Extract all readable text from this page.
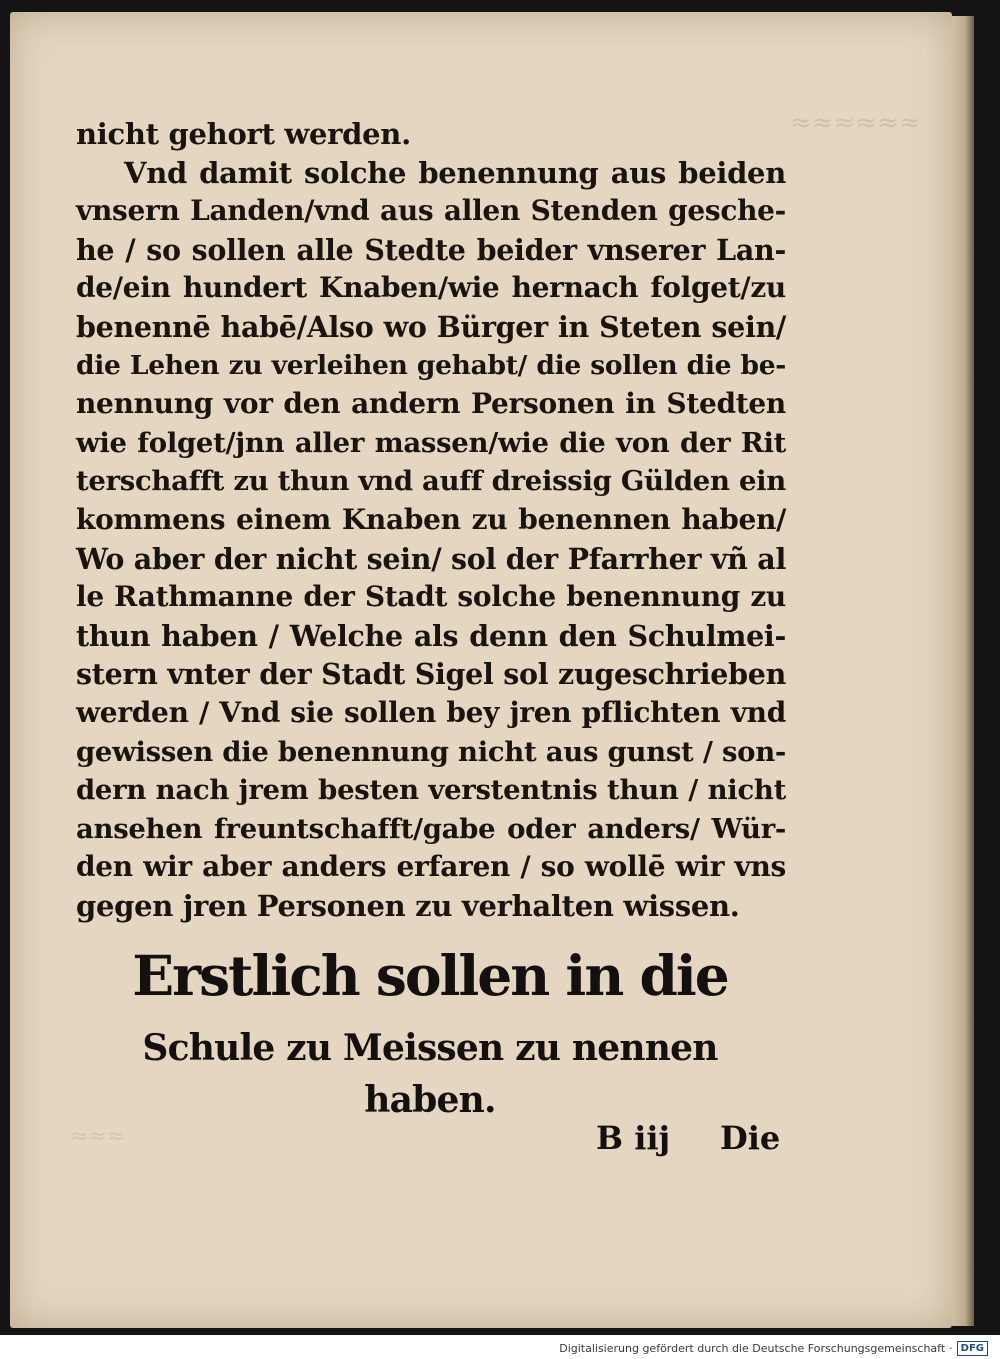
≈≈≈≈≈≈
≈≈≈
nicht gehort werden.
Vnd damit solche benennung aus beiden
vnsern Landen/vnd aus allen Stenden gesche-
he / so sollen alle Stedte beider vnserer Lan-
de/ein hundert Knaben/wie hernach folget/zu
benennē habē/Also wo Bürger in Steten sein/
die Lehen zu verleihen gehabt/ die sollen die be-
nennung vor den andern Personen in Stedten
wie folget/jnn aller massen/wie die von der Rit
terschafft zu thun vnd auff dreissig Gülden ein
kommens einem Knaben zu benennen haben/
Wo aber der nicht sein/ sol der Pfarrher vñ al
le Rathmanne der Stadt solche benennung zu
thun haben / Welche als denn den Schulmei-
stern vnter der Stadt Sigel sol zugeschrieben
werden / Vnd sie sollen bey jren pflichten vnd
gewissen die benennung nicht aus gunst / son-
dern nach jrem besten verstentnis thun / nicht
ansehen freuntschafft/gabe oder anders/ Wür-
den wir aber anders erfaren / so wollē wir vns
gegen jren Personen zu verhalten wissen.
Erstlich sollen in die
Schule zu Meissen zu nennen
haben.
B iij Die
Digitalisierung gefördert durch die Deutsche Forschungsgemeinschaft · DFG
